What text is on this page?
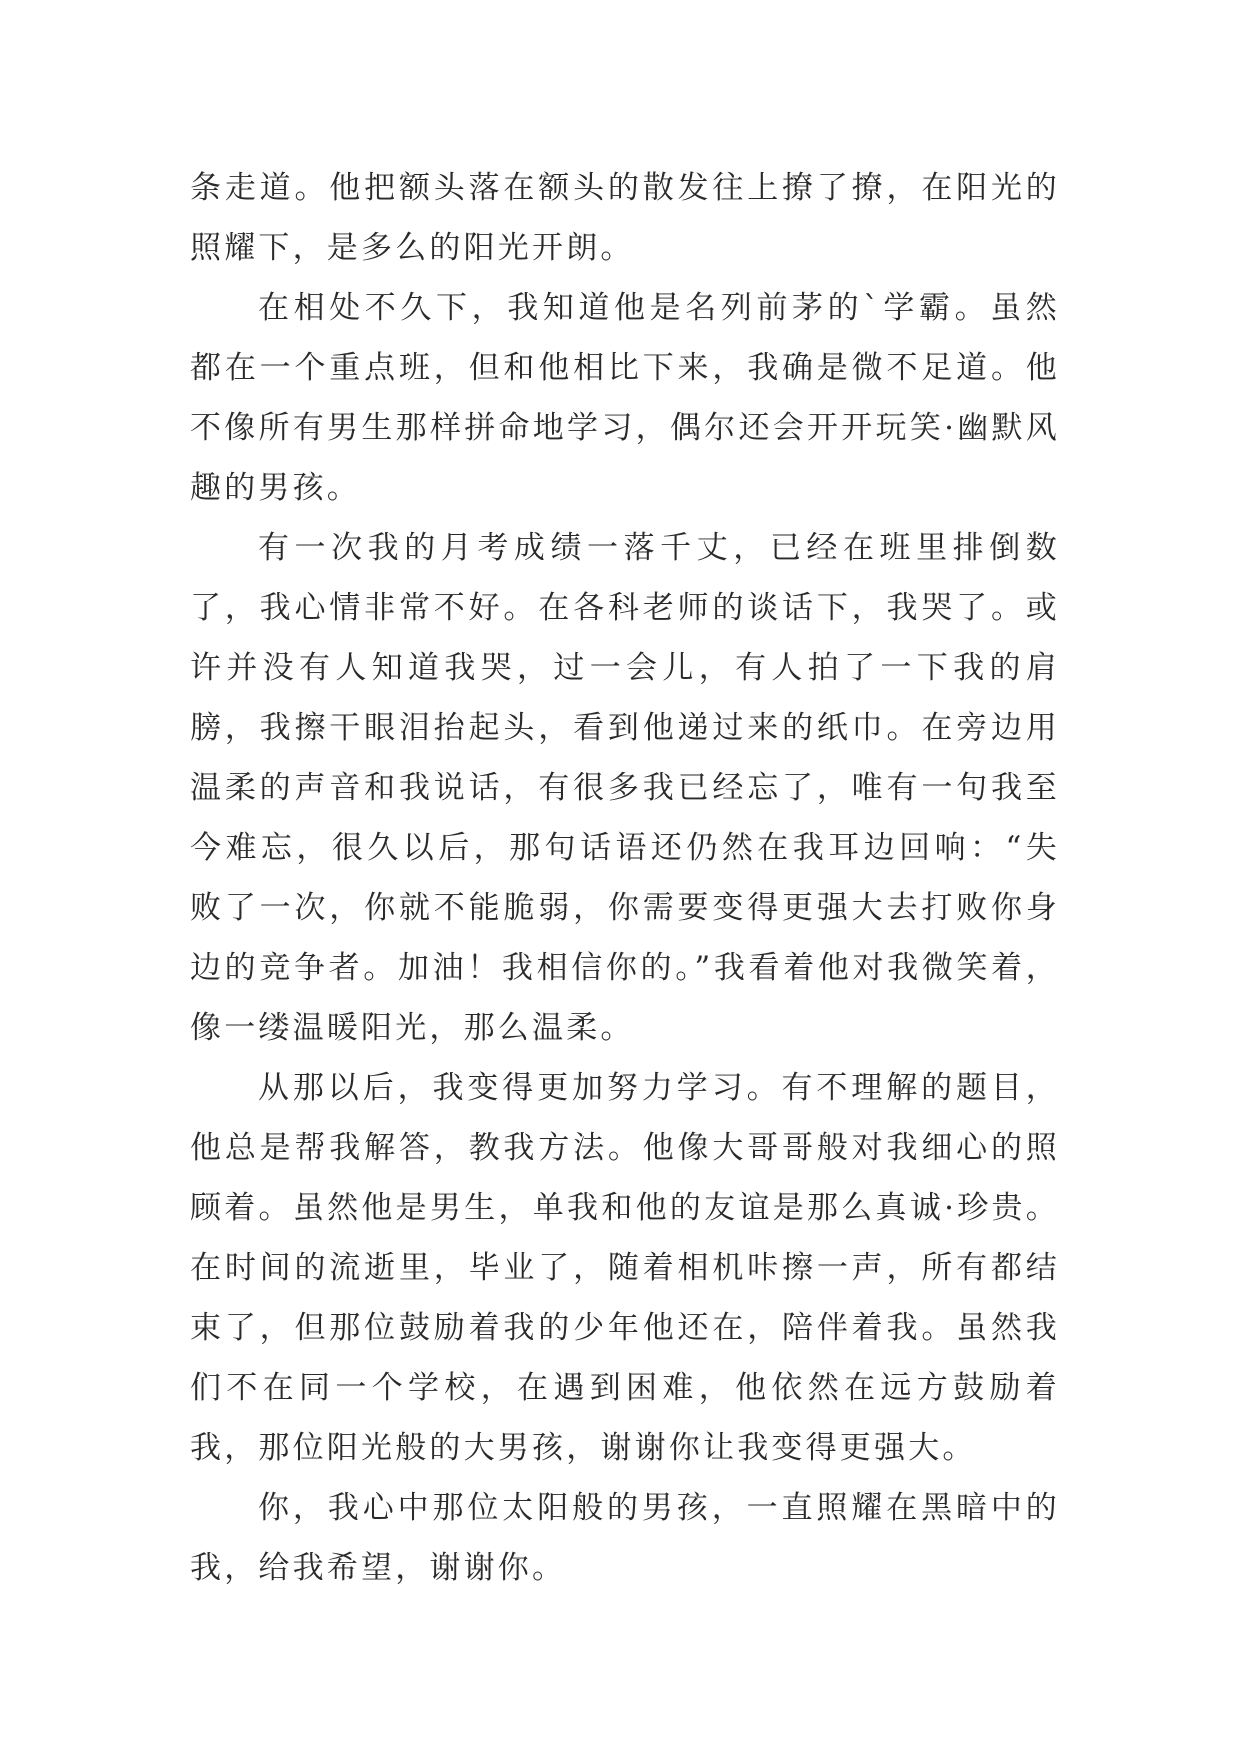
条走道。他把额头落在额头的散发往上撩了撩，在阳光的照耀下，是多么的阳光开朗。

在相处不久下，我知道他是名列前茅的`学霸。虽然都在一个重点班，但和他相比下来，我确是微不足道。他不像所有男生那样拼命地学习，偶尔还会开开玩笑·幽默风趣的男孩。

有一次我的月考成绩一落千丈，已经在班里排倒数了，我心情非常不好。在各科老师的谈话下，我哭了。或许并没有人知道我哭，过一会儿，有人拍了一下我的肩膀，我擦干眼泪抬起头，看到他递过来的纸巾。在旁边用温柔的声音和我说话，有很多我已经忘了，唯有一句我至今难忘，很久以后，那句话语还仍然在我耳边回响：“失败了一次，你就不能脆弱，你需要变得更强大去打败你身边的竞争者。加油！我相信你的。”我看着他对我微笑着，像一缕温暖阳光，那么温柔。

从那以后，我变得更加努力学习。有不理解的题目，他总是帮我解答，教我方法。他像大哥哥般对我细心的照顾着。虽然他是男生，单我和他的友谊是那么真诚·珍贵。在时间的流逝里，毕业了，随着相机咔擦一声，所有都结束了，但那位鼓励着我的少年他还在，陪伴着我。虽然我们不在同一个学校，在遇到困难，他依然在远方鼓励着我，那位阳光般的大男孩，谢谢你让我变得更强大。

你，我心中那位太阳般的男孩，一直照耀在黑暗中的我，给我希望，谢谢你。
